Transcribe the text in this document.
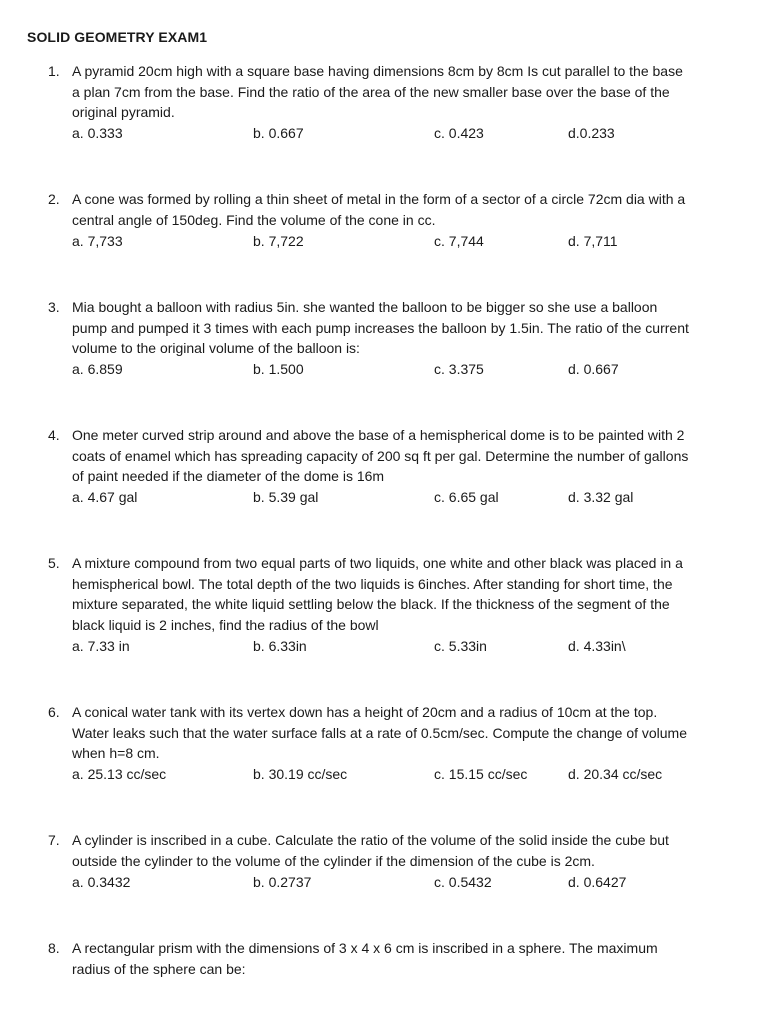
SOLID GEOMETRY EXAM1
1. A pyramid 20cm high with a square base having dimensions 8cm by 8cm Is cut parallel to the base
a plan 7cm from the base. Find the ratio of the area of the new smaller base over the base of the
original pyramid.
a. 0.333	b. 0.667	c. 0.423	d.0.233
2. A cone was formed by rolling a thin sheet of metal in the form of a sector of a circle 72cm dia with a
central angle of 150deg. Find the volume of the cone in cc.
a. 7,733	b. 7,722	c. 7,744	d. 7,711
3. Mia bought a balloon with radius 5in. she wanted the balloon to be bigger so she use a balloon
pump and pumped it 3 times with each pump increases the balloon by 1.5in. The ratio of the current
volume to the original volume of the balloon is:
a. 6.859	b. 1.500	c. 3.375	d. 0.667
4. One meter curved strip around and above the base of a hemispherical dome is to be painted with 2
coats of enamel which has spreading capacity of 200 sq ft per gal. Determine the number of gallons
of paint needed if the diameter of the dome is 16m
a. 4.67 gal	b. 5.39 gal	c. 6.65 gal	d. 3.32 gal
5. A mixture compound from two equal parts of two liquids, one white and other black was placed in a
hemispherical bowl. The total depth of the two liquids is 6inches. After standing for short time, the
mixture separated, the white liquid settling below the black. If the thickness of the segment of the
black liquid is 2 inches, find the radius of the bowl
a. 7.33 in	b. 6.33in	c. 5.33in	d. 4.33in\
6. A conical water tank with its vertex down has a height of 20cm and a radius of 10cm at the top.
Water leaks such that the water surface falls at a rate of 0.5cm/sec. Compute the change of volume
when h=8 cm.
a. 25.13 cc/sec	b. 30.19 cc/sec	c. 15.15 cc/sec	d. 20.34 cc/sec
7. A cylinder is inscribed in a cube. Calculate the ratio of the volume of the solid inside the cube but
outside the cylinder to the volume of the cylinder if the dimension of the cube is 2cm.
a. 0.3432	b. 0.2737	c. 0.5432	d. 0.6427
8. A rectangular prism with the dimensions of 3 x 4 x 6 cm is inscribed in a sphere. The maximum
radius of the sphere can be:
